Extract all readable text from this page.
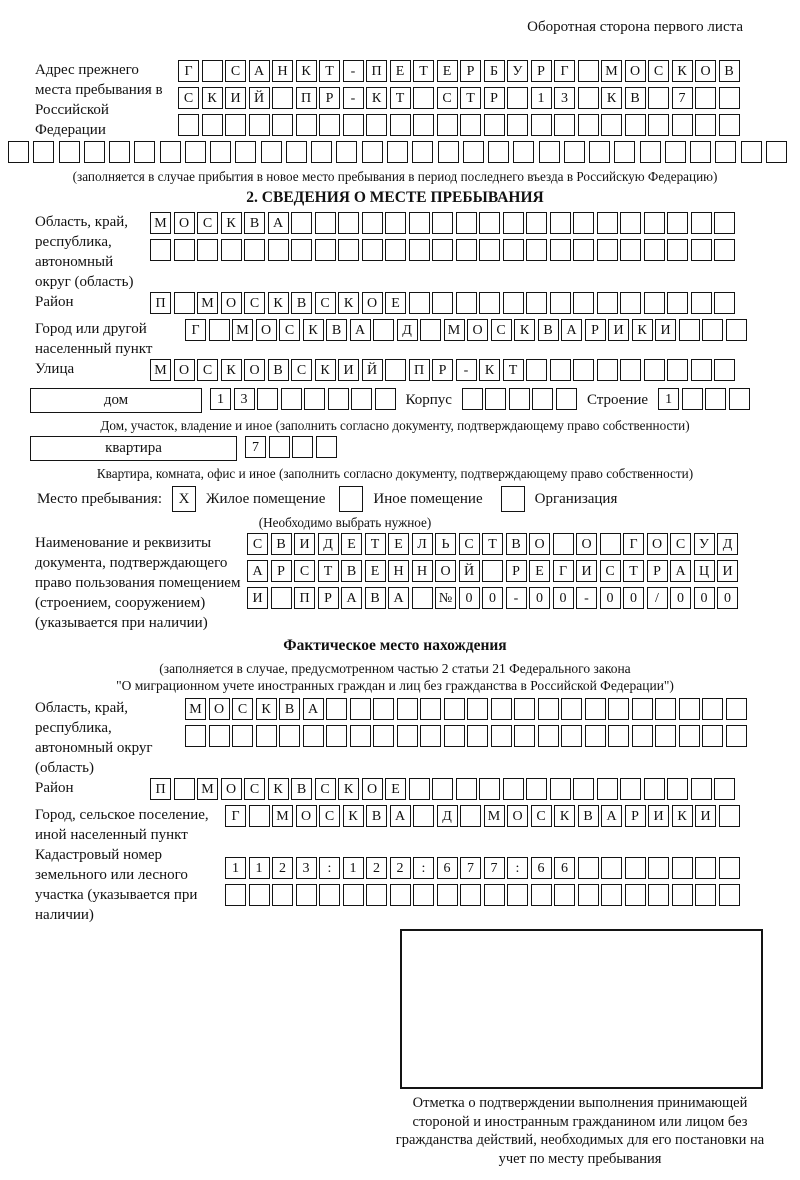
Оборотная сторона первого листа
Адрес прежнего места пребывания в Российской Федерации
Г	С А Н К	Т	-	П	Е	Т	Е	Р	Б	У	Р	Г	М О С	К О В
С	К И Й	П	Р	-	К	Т	С	Т	Р	1	3	К	В	7
(заполняется в случае прибытия в новое место пребывания в период последнего въезда в Российскую Федерацию)
2. СВЕДЕНИЯ О МЕСТЕ ПРЕБЫВАНИЯ
Область, край, республика, автономный округ (область)
М О С	К	В А
Район	П	М О С	К	В	С	К О	Е
Город или другой населенный пункт
Г	М О С	К	В А	Д	М О С	К	В А	Р	И К И
Улица	М О С	К О В	С	К И Й	П	Р	-	К	Т
дом	1	3	Корпус	Строение	1
Дом, участок, владение и иное (заполнить согласно документу, подтверждающему право собственности)
квартира	7
Квартира, комната, офис и иное (заполнить согласно документу, подтверждающему право собственности)
Место пребывания:	X	Жилое помещение	Иное помещение	Организация
(Необходимо выбрать нужное)
Наименование и реквизиты документа, подтверждающего право пользования помещением (строением, сооружением) (указывается при наличии)
С	В И Д	Е	Т	Е	Л	Ь	С	Т	В О	О	Г	О С У Д
А	Р	С	Т	В	Е	Н Н О Й	Р	Е	Г	И С	Т	Р	А Ц И
И	П	Р	А В А	№ 0	0	-	0	0	-	0	0	/	0	0	0
Фактическое место нахождения
(заполняется в случае, предусмотренном частью 2 статьи 21 Федерального закона
"О миграционном учете иностранных граждан и лиц без гражданства в Российской Федерации")
Область, край, республика, автономный округ (область)
М О С	К	В А
Район	П	М О С	К	В	С	К О	Е
Город, сельское поселение, иной населенный пункт
Г	М О С	К	В А	Д	М О С	К	В А	Р	И К И
Кадастровый номер земельного или лесного участка (указывается при наличии)
1	1	2	3	:	1	2	2	:	6	7	7	:	6	6
Отметка о подтверждении выполнения принимающей стороной и иностранным гражданином или лицом без гражданства действий, необходимых для его постановки на учет по месту пребывания
